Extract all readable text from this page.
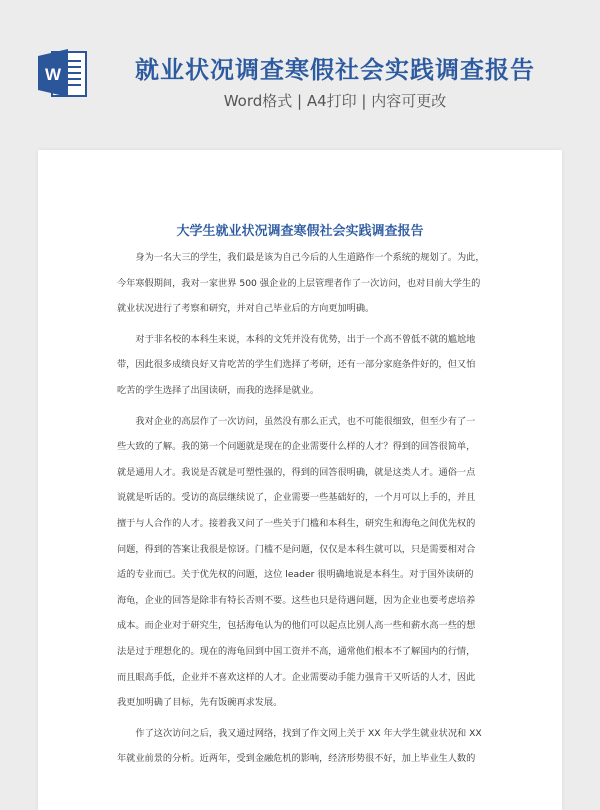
W	就业状况调查寒假社会实践调查报告
Word格式 | A4打印 | 内容可更改
大学生就业状况调查寒假社会实践调查报告
身为一名大三的学生，我们最是该为自己今后的人生道路作一个系统的规划了。为此，
今年寒假期间，我对一家世界 500 强企业的上层管理者作了一次访问，也对目前大学生的
就业状况进行了考察和研究，并对自己毕业后的方向更加明确。
对于非名校的本科生来说，本科的文凭并没有优势，出于一个高不曾低不就的尴尬地
带，因此很多成绩良好又肯吃苦的学生们选择了考研，还有一部分家庭条件好的，但又怕
吃苦的学生选择了出国读研，而我的选择是就业。
我对企业的高层作了一次访问，虽然没有那么正式，也不可能很细致，但至少有了一
些大致的了解。我的第一个问题就是现在的企业需要什么样的人才？得到的回答很简单，
就是通用人才。我说是否就是可塑性强的，得到的回答很明确，就是这类人才。通俗一点
说就是听话的。受访的高层继续说了，企业需要一些基础好的，一个月可以上手的，并且
擅于与人合作的人才。接着我又问了一些关于门槛和本科生，研究生和海龟之间优先权的
问题，得到的答案让我很是惊讶。门槛不是问题，仅仅是本科生就可以，只是需要相对合
适的专业而已。关于优先权的问题，这位 leader 很明确地说是本科生。对于国外读研的
海龟，企业的回答是除非有特长否则不要。这些也只是待遇问题，因为企业也要考虑培养
成本。而企业对于研究生，包括海龟认为的他们可以起点比别人高一些和薪水高一些的想
法是过于理想化的。现在的海龟回到中国工资并不高，通常他们根本不了解国内的行情，
而且眼高手低，企业并不喜欢这样的人才。企业需要动手能力强肯干又听话的人才，因此
我更加明确了目标，先有饭碗再求发展。
作了这次访问之后，我又通过网络，找到了作文网上关于 XX 年大学生就业状况和 XX
年就业前景的分析。近两年，受到金融危机的影响，经济形势很不好，加上毕业生人数的
